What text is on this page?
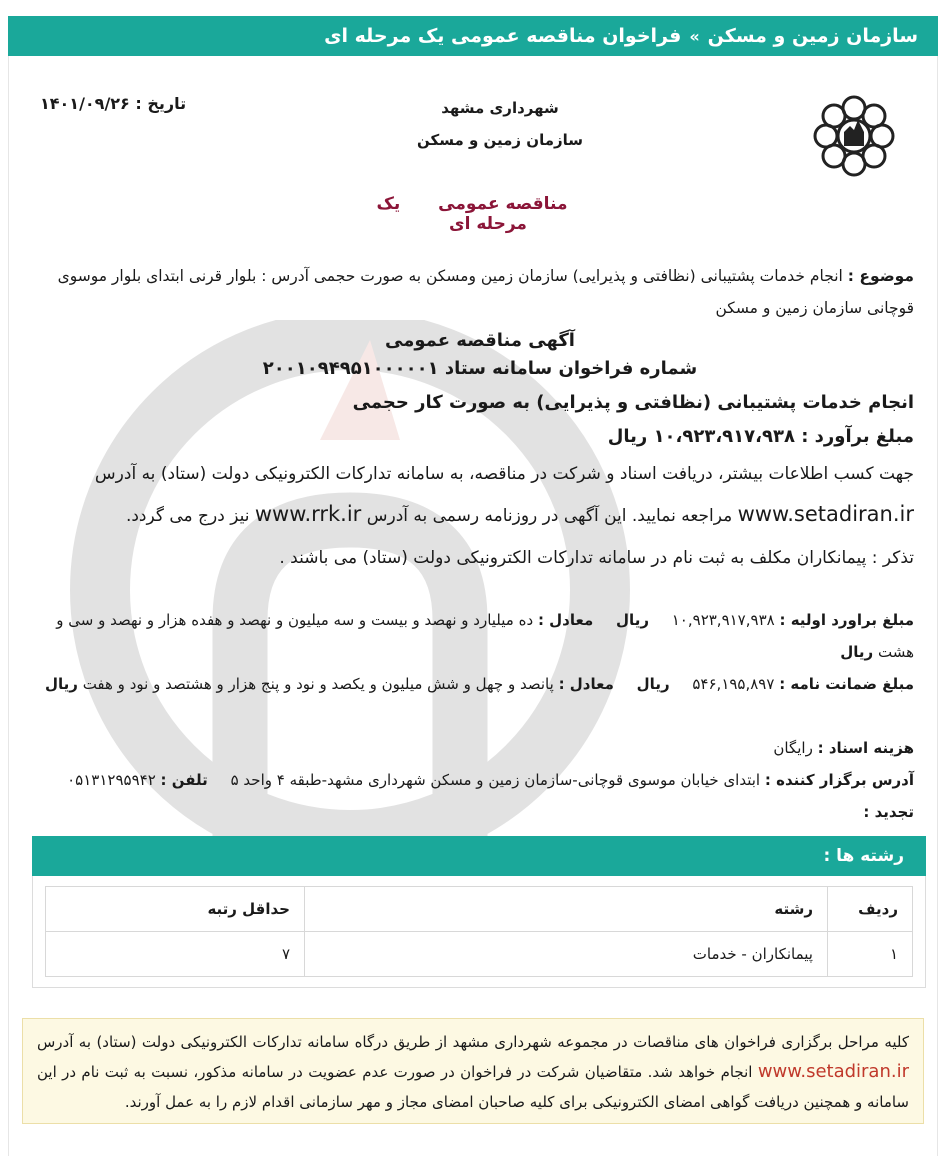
سازمان زمین و مسکن
»
فراخوان مناقصه عمومی یک مرحله ای
شهرداری مشهد
سازمان زمین و مسکن
تاریخ : ۱۴۰۱/۰۹/۲۶
مناقصه عمومی یک مرحله ای
موضوع : انجام خدمات پشتیبانی (نظافتی و پذیرایی) سازمان زمین ومسکن به صورت حجمی آدرس : بلوار قرنی ابتدای بلوار موسوی قوچانی سازمان زمین و مسکن
آگهی مناقصه عمومی
شماره فراخوان سامانه ستاد ۲۰۰۱۰۹۴۹۵۱۰۰۰۰۰۱
انجام خدمات پشتیبانی (نظافتی و پذیرایی) به صورت کار حجمی
مبلغ برآورد : ۱۰،۹۲۳،۹۱۷،۹۳۸ ریال
جهت کسب اطلاعات بیشتر، دریافت اسناد و شرکت در مناقصه، به سامانه تدارکات الکترونیکی دولت (ستاد) به آدرس www.setadiran.ir مراجعه نمایید. این آگهی در روزنامه رسمی به آدرس www.rrk.ir نیز درج می گردد.
تذکر : پیمانکاران مکلف به ثبت نام در سامانه تدارکات الکترونیکی دولت (ستاد) می باشند .
مبلغ براورد اولیه : ۱۰,۹۲۳,۹۱۷,۹۳۸ ریال معادل : ده میلیارد و نهصد و بیست و سه میلیون و نهصد و هفده هزار و نهصد و سی و هشت ریال
مبلغ ضمانت نامه : ۵۴۶,۱۹۵,۸۹۷ ریال معادل : پانصد و چهل و شش میلیون و یکصد و نود و پنج هزار و هشتصد و نود و هفت ریال
هزینه اسناد : رایگان
آدرس برگزار کننده : ابتدای خیابان موسوی قوچانی-سازمان زمین و مسکن شهرداری مشهد-طبقه ۴ واحد ۵ تلفن : ۰۵۱۳۱۲۹۵۹۴۲
تجدید :
رشته ها :
ردیف	رشته	حداقل رتبه
۱	پیمانکاران - خدمات	۷
کلیه مراحل برگزاری فراخوان های مناقصات در مجموعه شهرداری مشهد از طریق درگاه سامانه تدارکات الکترونیکی دولت (ستاد) به آدرس www.setadiran.ir انجام خواهد شد. متقاضیان شرکت در فراخوان در صورت عدم عضویت در سامانه مذکور، نسبت به ثبت نام در این سامانه و همچنین دریافت گواهی امضای الکترونیکی برای کلیه صاحبان امضای مجاز و مهر سازمانی اقدام لازم را به عمل آورند.
